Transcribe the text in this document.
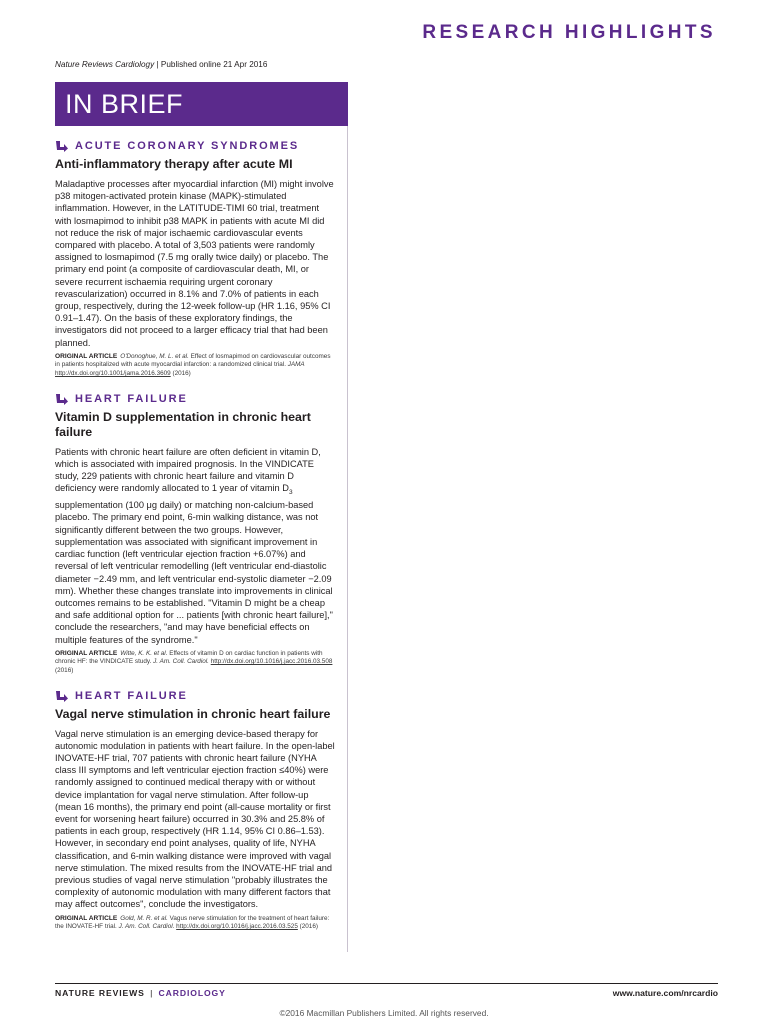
RESEARCH HIGHLIGHTS
Nature Reviews Cardiology | Published online 21 Apr 2016
IN BRIEF
ACUTE CORONARY SYNDROMES
Anti-inflammatory therapy after acute MI

Maladaptive processes after myocardial infarction (MI) might involve p38 mitogen-activated protein kinase (MAPK)-stimulated inflammation. However, in the LATITUDE-TIMI 60 trial, treatment with losmapimod to inhibit p38 MAPK in patients with acute MI did not reduce the risk of major ischaemic cardiovascular events compared with placebo. A total of 3,503 patients were randomly assigned to losmapimod (7.5 mg orally twice daily) or placebo. The primary end point (a composite of cardiovascular death, MI, or severe recurrent ischaemia requiring urgent coronary revascularization) occurred in 8.1% and 7.0% of patients in each group, respectively, during the 12-week follow-up (HR 1.16, 95% CI 0.91–1.47). On the basis of these exploratory findings, the investigators did not proceed to a larger efficacy trial that had been planned.

ORIGINAL ARTICLE O'Donoghue, M. L. et al. Effect of losmapimod on cardiovascular outcomes in patients hospitalized with acute myocardial infarction: a randomized clinical trial. JAMA http://dx.doi.org/10.1001/jama.2016.3609 (2016)
HEART FAILURE
Vitamin D supplementation in chronic heart failure

Patients with chronic heart failure are often deficient in vitamin D, which is associated with impaired prognosis. In the VINDICATE study, 229 patients with chronic heart failure and vitamin D deficiency were randomly allocated to 1 year of vitamin $D_3$ supplementation (100 μg daily) or matching non-calcium-based placebo. The primary end point, 6-min walking distance, was not significantly different between the two groups. However, supplementation was associated with significant improvement in cardiac function (left ventricular ejection fraction +6.07%) and reversal of left ventricular remodelling (left ventricular end-diastolic diameter −2.49 mm, and left ventricular end-systolic diameter −2.09 mm). Whether these changes translate into improvements in clinical outcomes remains to be established. "Vitamin D might be a cheap and safe additional option for ... patients [with chronic heart failure]," conclude the researchers, "and may have beneficial effects on multiple features of the syndrome."

ORIGINAL ARTICLE Witte, K. K. et al. Effects of vitamin D on cardiac function in patients with chronic HF: the VINDICATE study. J. Am. Coll. Cardiol. http://dx.doi.org/10.1016/j.jacc.2016.03.508 (2016)
HEART FAILURE
Vagal nerve stimulation in chronic heart failure

Vagal nerve stimulation is an emerging device-based therapy for autonomic modulation in patients with heart failure. In the open-label INOVATE-HF trial, 707 patients with chronic heart failure (NYHA class III symptoms and left ventricular ejection fraction ≤40%) were randomly assigned to continued medical therapy with or without device implantation for vagal nerve stimulation. After follow-up (mean 16 months), the primary end point (all-cause mortality or first event for worsening heart failure) occurred in 30.3% and 25.8% of patients in each group, respectively (HR 1.14, 95% CI 0.86–1.53). However, in secondary end point analyses, quality of life, NYHA classification, and 6-min walking distance were improved with vagal nerve stimulation. The mixed results from the INOVATE-HF trial and previous studies of vagal nerve stimulation "probably illustrates the complexity of autonomic modulation with many different factors that may affect outcomes", conclude the investigators.

ORIGINAL ARTICLE Gold, M. R. et al. Vagus nerve stimulation for the treatment of heart failure: the INOVATE-HF trial. J. Am. Coll. Cardiol. http://dx.doi.org/10.1016/j.jacc.2016.03.525 (2016)
NATURE REVIEWS | CARDIOLOGY	www.nature.com/nrcardio
©2016 Macmillan Publishers Limited. All rights reserved.
